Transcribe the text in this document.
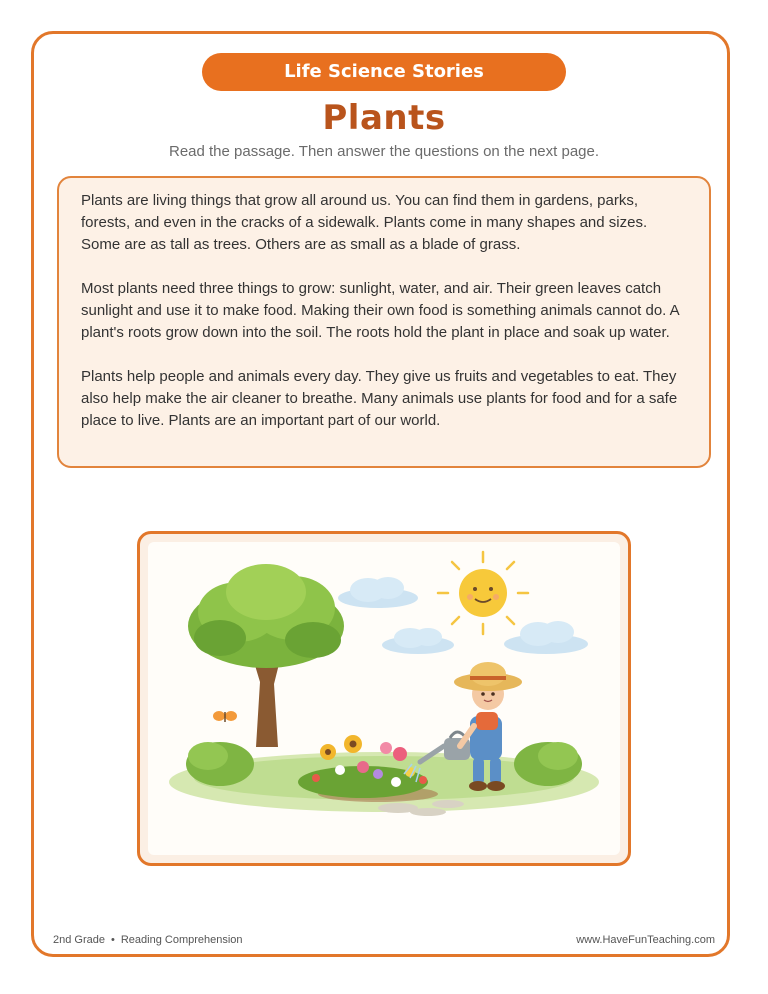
Life Science Stories
Plants
Read the passage. Then answer the questions on the next page.

Plants are living things that grow all around us. You can find them in gardens, parks, forests, and even in the cracks of a sidewalk. Plants come in many shapes and sizes. Some are as tall as trees. Others are as small as a blade of grass.

Most plants need three things to grow: sunlight, water, and air. Their green leaves catch sunlight and use it to make food. Making their own food is something animals cannot do. A plant's roots grow down into the soil. The roots hold the plant in place and soak up water.

Plants help people and animals every day. They give us fruits and vegetables to eat. They also help make the air cleaner to breathe. Many animals use plants for food and for a safe place to live. Plants are an important part of our world.

2nd Grade • Reading Comprehension	www.HaveFunTeaching.com
